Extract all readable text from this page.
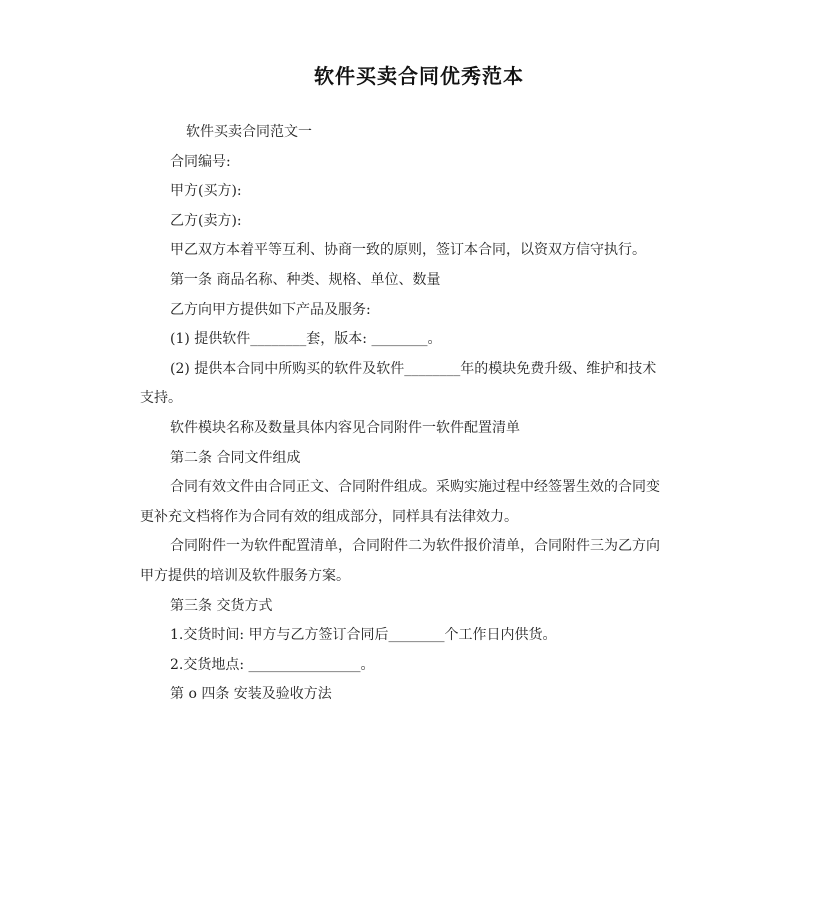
软件买卖合同优秀范本
软件买卖合同范文一
合同编号:
甲方(买方):
乙方(卖方):
甲乙双方本着平等互利、协商一致的原则，签订本合同，以资双方信守执行。
第一条 商品名称、种类、规格、单位、数量
乙方向甲方提供如下产品及服务:
(1) 提供软件________套，版本: ________。
(2) 提供本合同中所购买的软件及软件________年的模块免费升级、维护和技术
支持。
软件模块名称及数量具体内容见合同附件一软件配置清单
第二条 合同文件组成
合同有效文件由合同正文、合同附件组成。采购实施过程中经签署生效的合同变
更补充文档将作为合同有效的组成部分，同样具有法律效力。
合同附件一为软件配置清单，合同附件二为软件报价清单，合同附件三为乙方向
甲方提供的培训及软件服务方案。
第三条 交货方式
1.交货时间: 甲方与乙方签订合同后________个工作日内供货。
2.交货地点: ________________。
第 o 四条 安装及验收方法
